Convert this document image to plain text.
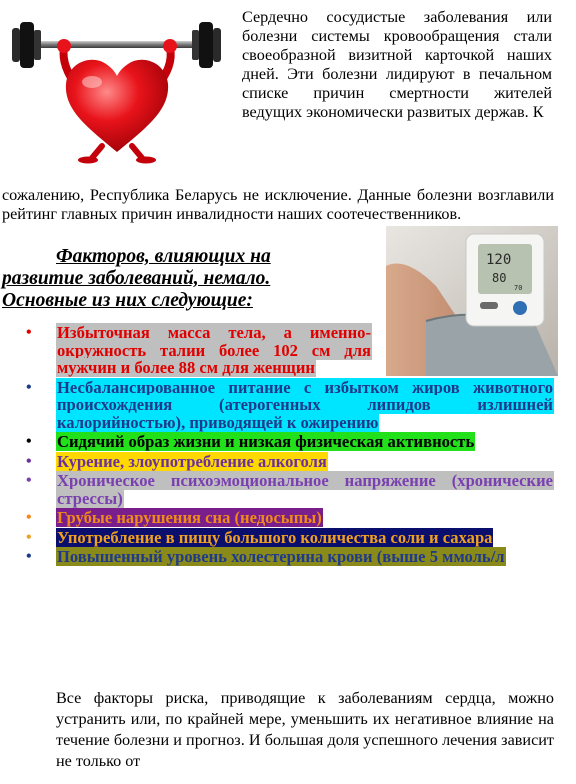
Сердечно сосудистые заболевания или болезни системы кровообращения стали своеобразной визитной карточкой наших дней. Эти болезни лидируют в печальном списке причин смертности жителей ведущих экономически развитых держав. К

сожалению, Республика Беларусь не исключение. Данные болезни возглавили рейтинг главных причин инвалидности наших соотечественников.

120
80
70

Факторов, влияющих на
развитие заболеваний, немало.
Основные из них следующие:

• Избыточная масса тела, а именно- окружность талии более 102 см для мужчин и более 88 см для женщин
• Несбалансированное питание с избытком жиров животного происхождения (атерогенных липидов излишней калорийностью), приводящей к ожирению
• Сидячий образ жизни и низкая физическая активность
• Курение, злоупотребление алкоголя
• Хроническое психоэмоциональное напряжение (хронические стрессы)
• Грубые нарушения сна (недосыпы)
• Употребление в пищу большого количества соли и сахара
• Повышенный уровень холестерина крови (выше 5 ммоль/л

Все факторы риска, приводящие к заболеваниям сердца, можно устранить или, по крайней мере, уменьшить их негативное влияние на течение болезни и прогноз. И большая доля успешного лечения зависит не только от
